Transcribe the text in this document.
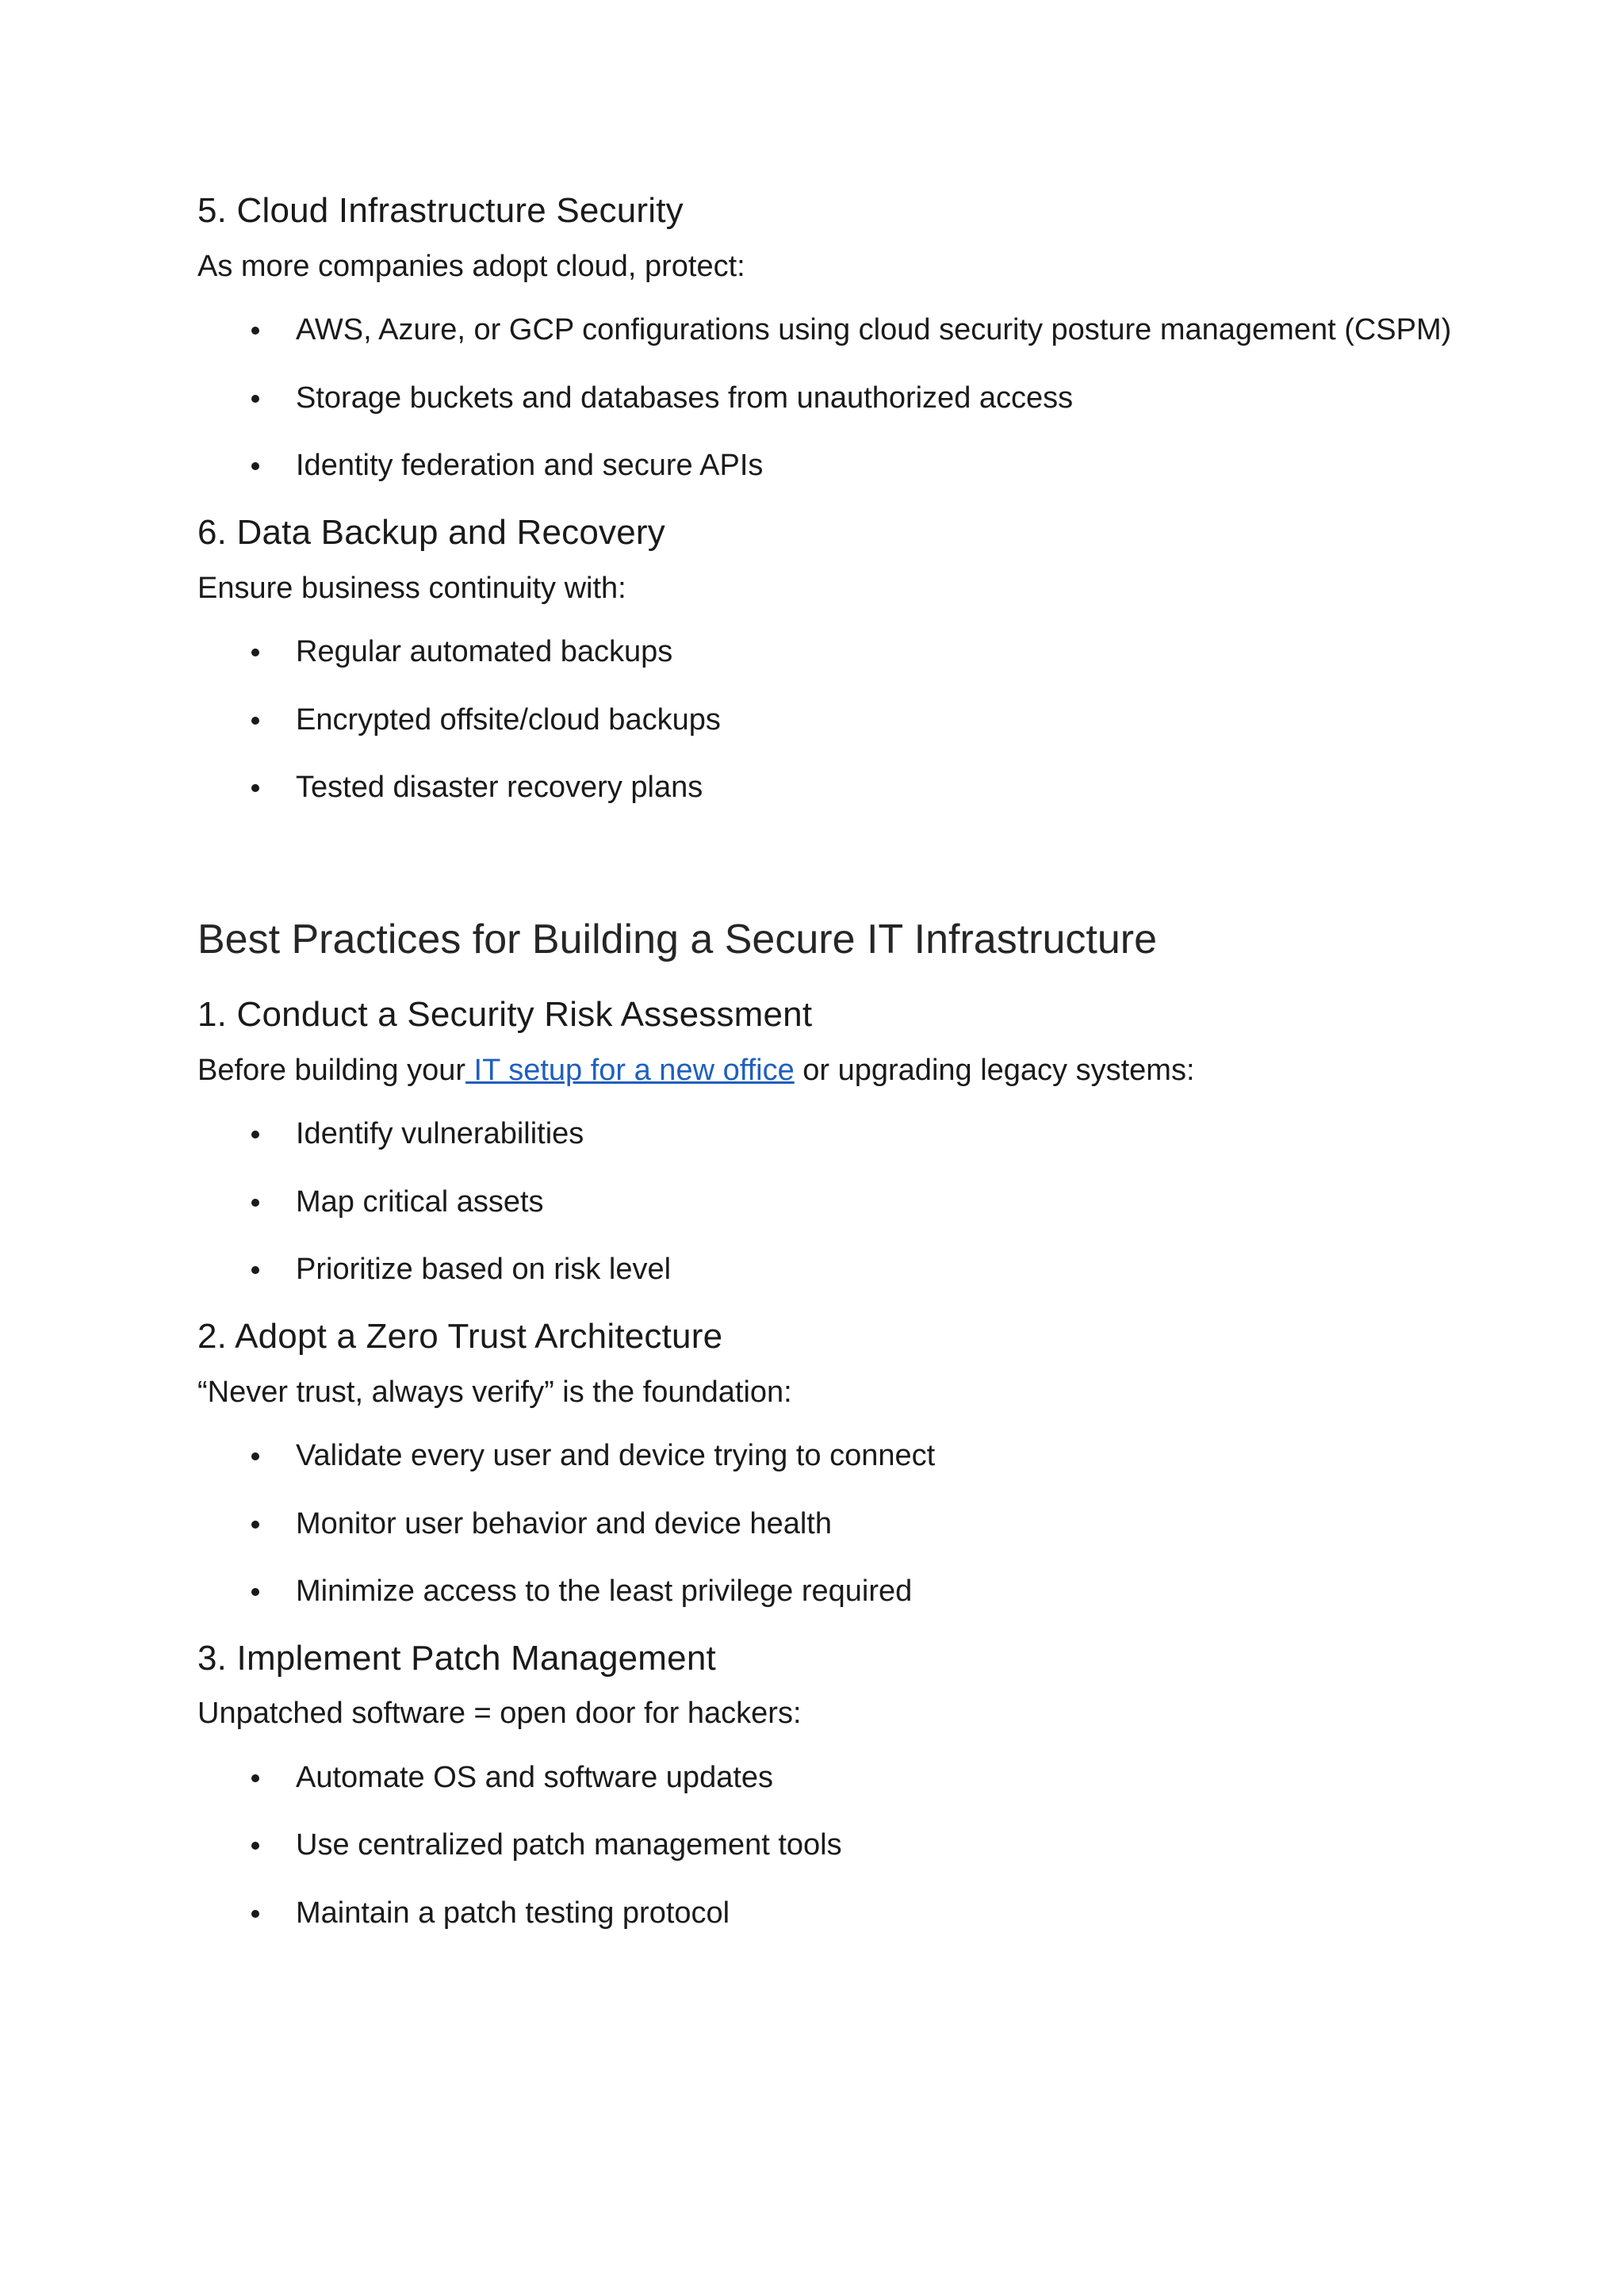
5. Cloud Infrastructure Security

As more companies adopt cloud, protect:

AWS, Azure, or GCP configurations using cloud security posture management (CSPM)
Storage buckets and databases from unauthorized access
Identity federation and secure APIs
6. Data Backup and Recovery

Ensure business continuity with:

Regular automated backups
Encrypted offsite/cloud backups
Tested disaster recovery plans
Best Practices for Building a Secure IT Infrastructure
1. Conduct a Security Risk Assessment

Before building your IT setup for a new office or upgrading legacy systems:

Identify vulnerabilities
Map critical assets
Prioritize based on risk level
2. Adopt a Zero Trust Architecture

“Never trust, always verify” is the foundation:

Validate every user and device trying to connect
Monitor user behavior and device health
Minimize access to the least privilege required
3. Implement Patch Management

Unpatched software = open door for hackers:

Automate OS and software updates
Use centralized patch management tools
Maintain a patch testing protocol
